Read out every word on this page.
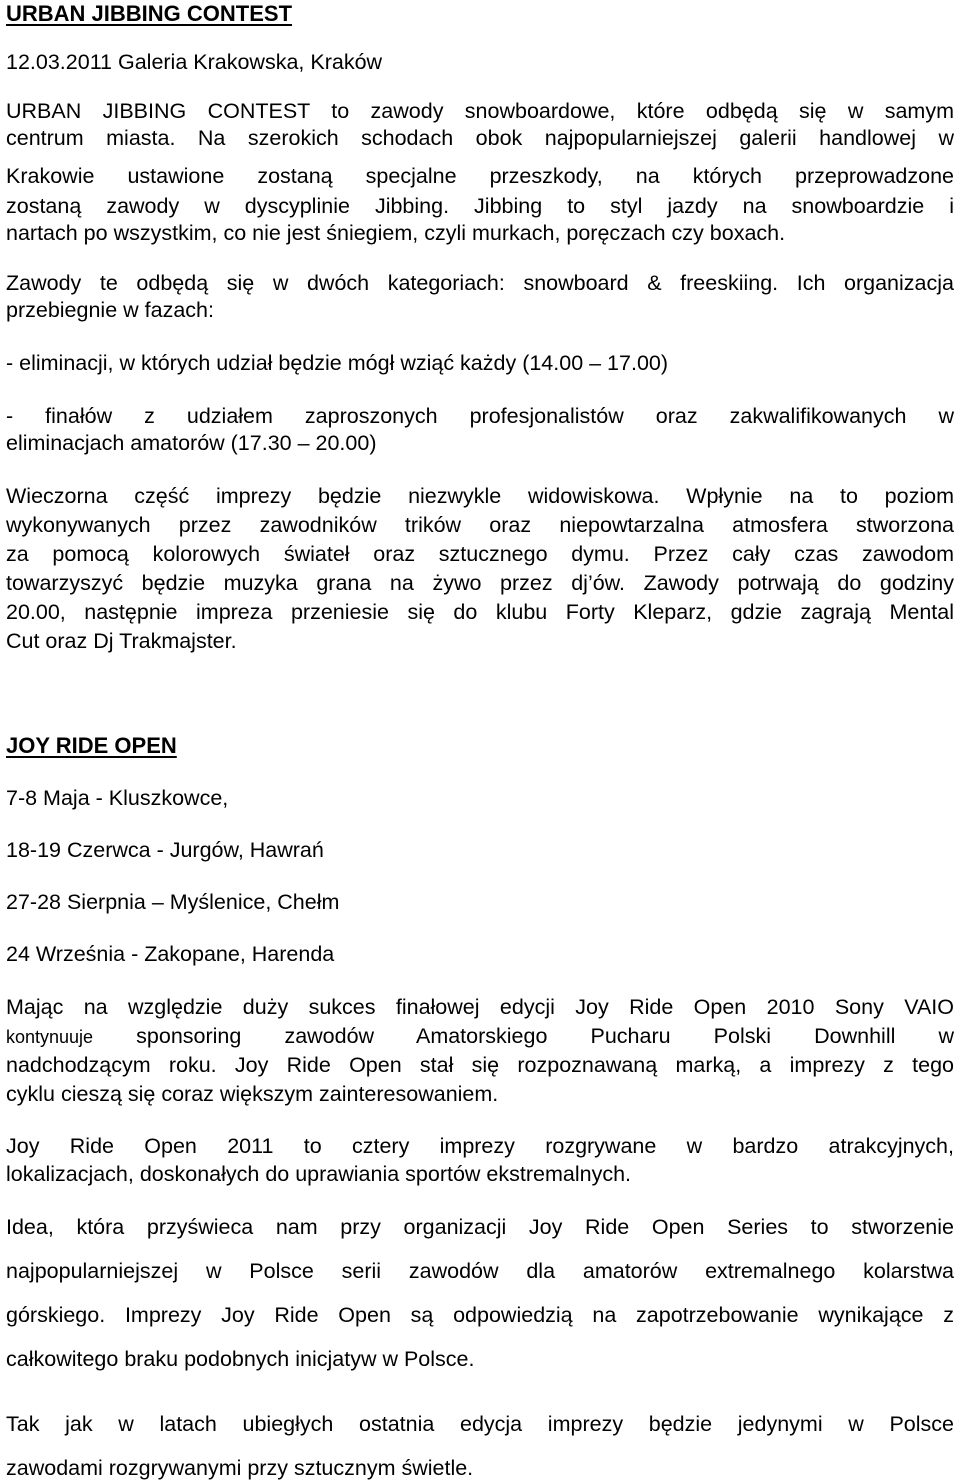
URBAN JIBBING CONTEST
12.03.2011 Galeria Krakowska, Kraków
URBAN JIBBING CONTEST to zawody snowboardowe, które odbędą się w samym
centrum miasta. Na szerokich schodach obok najpopularniejszej galerii handlowej w
Krakowie ustawione zostaną specjalne przeszkody, na których przeprowadzone
zostaną zawody w dyscyplinie Jibbing. Jibbing to styl jazdy na snowboardzie i
nartach po wszystkim, co nie jest śniegiem, czyli murkach, poręczach czy boxach.
Zawody te odbędą się w dwóch kategoriach: snowboard & freeskiing. Ich organizacja
przebiegnie w fazach:
- eliminacji, w których udział będzie mógł wziąć każdy (14.00 – 17.00)
- finałów z udziałem zaproszonych profesjonalistów oraz zakwalifikowanych w
eliminacjach amatorów (17.30 – 20.00)
Wieczorna część imprezy będzie niezwykle widowiskowa. Wpłynie na to poziom
wykonywanych przez zawodników trików oraz niepowtarzalna atmosfera stworzona
za pomocą kolorowych świateł oraz sztucznego dymu. Przez cały czas zawodom
towarzyszyć będzie muzyka grana na żywo przez dj’ów. Zawody potrwają do godziny
20.00, następnie impreza przeniesie się do klubu Forty Kleparz, gdzie zagrają Mental
Cut oraz Dj Trakmajster.
JOY RIDE OPEN
7-8 Maja - Kluszkowce,
18-19 Czerwca - Jurgów, Hawrań
27-28 Sierpnia – Myślenice, Chełm
24 Września - Zakopane, Harenda
Mając na względzie duży sukces finałowej edycji Joy Ride Open 2010 Sony VAIO
kontynuuje sponsoring zawodów Amatorskiego Pucharu Polski Downhill w
nadchodzącym roku. Joy Ride Open stał się rozpoznawaną marką, a imprezy z tego
cyklu cieszą się coraz większym zainteresowaniem.
Joy Ride Open 2011 to cztery imprezy rozgrywane w bardzo atrakcyjnych,
lokalizacjach, doskonałych do uprawiania sportów ekstremalnych.
Idea, która przyświeca nam przy organizacji Joy Ride Open Series to stworzenie
najpopularniejszej w Polsce serii zawodów dla amatorów extremalnego kolarstwa
górskiego. Imprezy Joy Ride Open są odpowiedzią na zapotrzebowanie wynikające z
całkowitego braku podobnych inicjatyw w Polsce.
Tak jak w latach ubiegłych ostatnia edycja imprezy będzie jedynymi w Polsce
zawodami rozgrywanymi przy sztucznym świetle.
